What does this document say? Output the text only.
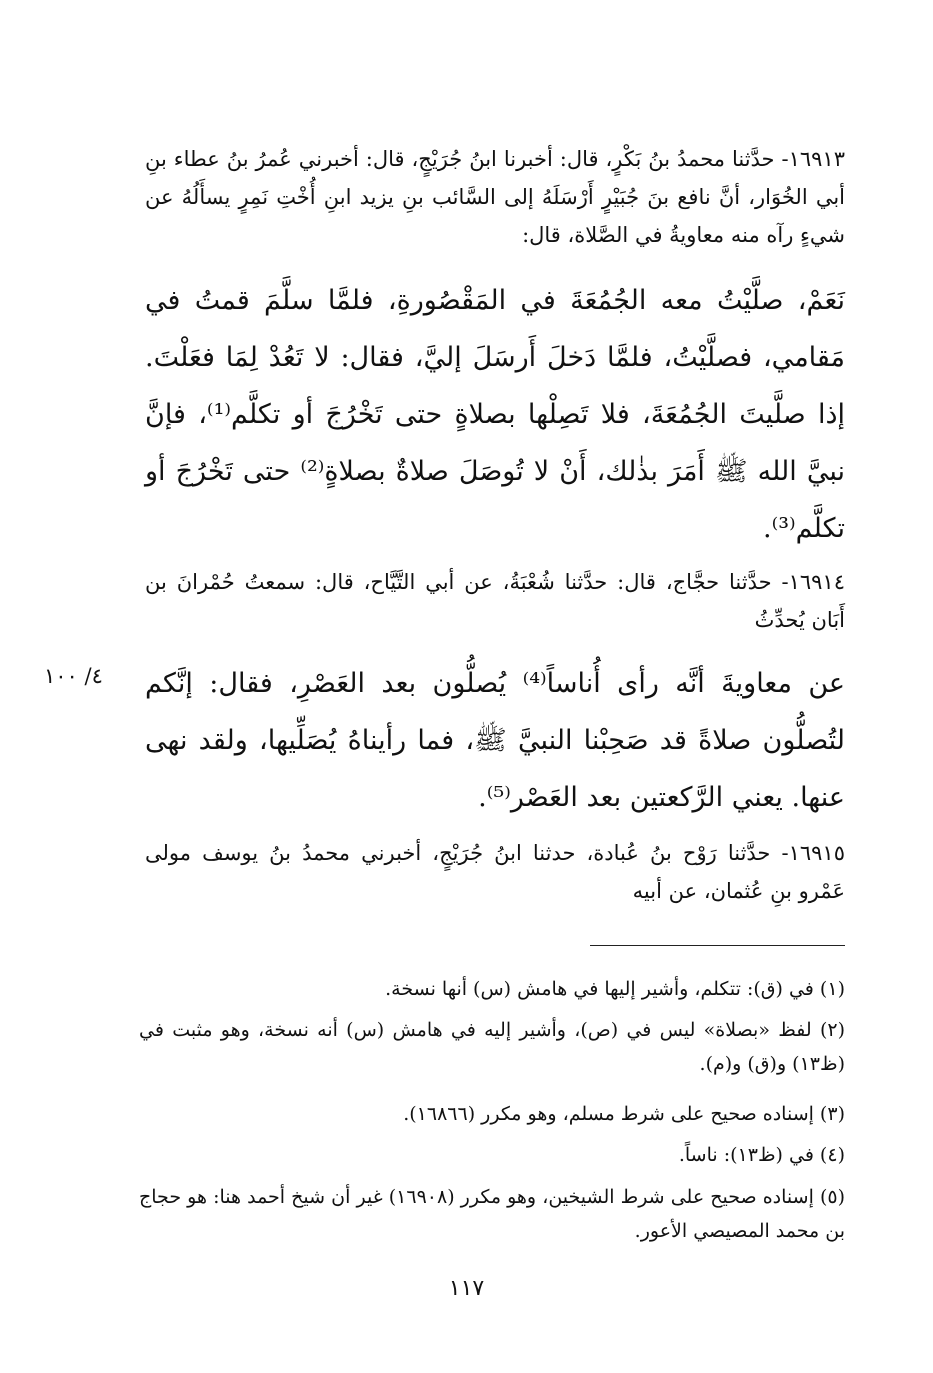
١٦٩١٣- حدَّثنا محمدُ بنُ بَكْرٍ، قال: أخبرنا ابنُ جُرَيْجٍ، قال: أخبرني عُمرُ بنُ عطاء بنِ أبي الخُوَار، أنَّ نافع بنَ جُبَيْرٍ أَرْسَلَهُ إلى السَّائب بنِ يزيد ابنِ أُخْتِ نَمِرٍ يسأَلُهُ عن شيءٍ رآه منه معاويةُ في الصَّلاة، قال:

نَعَمْ، صلَّيْتُ معه الجُمُعَةَ في المَقْصُورةِ، فلمَّا سلَّمَ قمتُ في مَقامي، فصلَّيْتُ، فلمَّا دَخلَ أَرسَلَ إليَّ، فقال: لا تَعُدْ لِمَا فعَلْتَ. إذا صلَّيتَ الجُمُعَةَ، فلا تَصِلْها بصلاةٍ حتى تَخْرُجَ أو تكلَّم⁽¹⁾، فإنَّ نبيَّ الله ﷺ أَمَرَ بذٰلك، أَنْ لا تُوصَلَ صلاةٌ بصلاةٍ⁽²⁾ حتى تَخْرُجَ أو تكلَّم⁽³⁾.

١٦٩١٤- حدَّثنا حجَّاج، قال: حدَّثنا شُعْبَةُ، عن أبي التَّيَّاح، قال: سمعتُ حُمْرانَ بن أَبَان يُحدِّثُ

٤/ ١٠٠ عن معاويةَ أنَّه رأى أُناساً⁽⁴⁾ يُصلُّون بعد العَصْرِ، فقال: إنَّكم لتُصلُّون صلاةً قد صَحِبْنا النبيَّ ﷺ، فما رأيناهُ يُصَلِّيها، ولقد نهى عنها. يعني الرَّكعتين بعد العَصْر⁽⁵⁾.

١٦٩١٥- حدَّثنا رَوْح بنُ عُبادة، حدثنا ابنُ جُرَيْجٍ، أخبرني محمدُ بنُ يوسف مولى عَمْرو بنِ عُثمان، عن أبيه

(١) في (ق): تتكلم، وأشير إليها في هامش (س) أنها نسخة.

(٢) لفظ «بصلاة» ليس في (ص)، وأشير إليه في هامش (س) أنه نسخة، وهو مثبت في (ظ١٣) و(ق) و(م).

(٣) إسناده صحيح على شرط مسلم، وهو مكرر (١٦٨٦٦).

(٤) في (ظ١٣): ناساً.

(٥) إسناده صحيح على شرط الشيخين، وهو مكرر (١٦٩٠٨) غير أن شيخ أحمد هنا: هو حجاج بن محمد المصيصي الأعور.

١١٧
